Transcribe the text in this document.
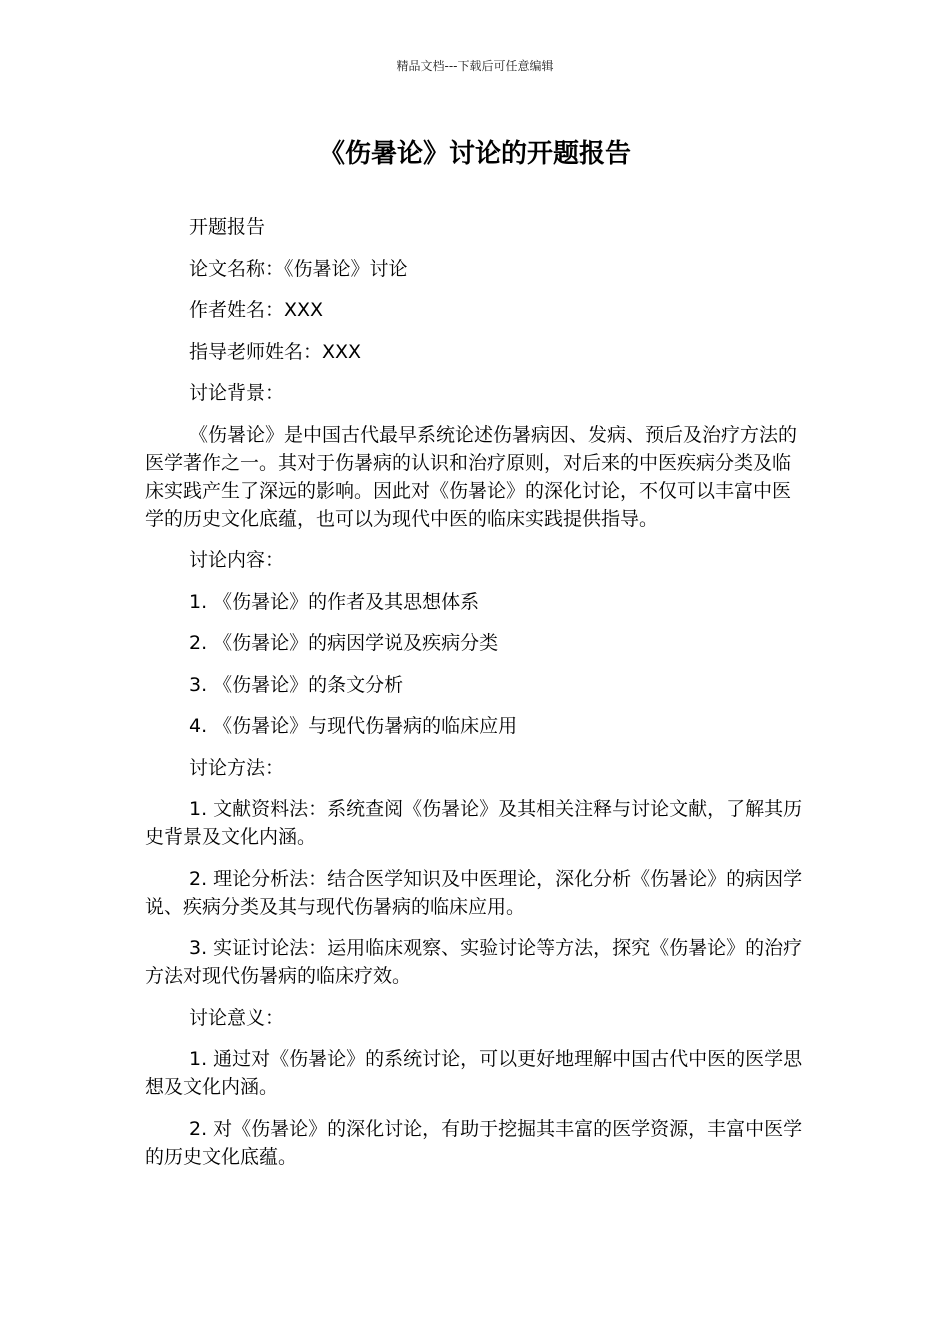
精品文档---下载后可任意编辑
《伤暑论》讨论的开题报告

开题报告

论文名称：《伤暑论》讨论

作者姓名：XXX

指导老师姓名：XXX

讨论背景：

《伤暑论》是中国古代最早系统论述伤暑病因、发病、预后及治疗方法的医学著作之一。其对于伤暑病的认识和治疗原则，对后来的中医疾病分类及临床实践产生了深远的影响。因此对《伤暑论》的深化讨论，不仅可以丰富中医学的历史文化底蕴，也可以为现代中医的临床实践提供指导。

讨论内容：

1. 《伤暑论》的作者及其思想体系

2. 《伤暑论》的病因学说及疾病分类

3. 《伤暑论》的条文分析

4. 《伤暑论》与现代伤暑病的临床应用

讨论方法：

1. 文献资料法：系统查阅《伤暑论》及其相关注释与讨论文献，了解其历史背景及文化内涵。

2. 理论分析法：结合医学知识及中医理论，深化分析《伤暑论》的病因学说、疾病分类及其与现代伤暑病的临床应用。

3. 实证讨论法：运用临床观察、实验讨论等方法，探究《伤暑论》的治疗方法对现代伤暑病的临床疗效。

讨论意义：

1. 通过对《伤暑论》的系统讨论，可以更好地理解中国古代中医的医学思想及文化内涵。

2. 对《伤暑论》的深化讨论，有助于挖掘其丰富的医学资源，丰富中医学的历史文化底蕴。
